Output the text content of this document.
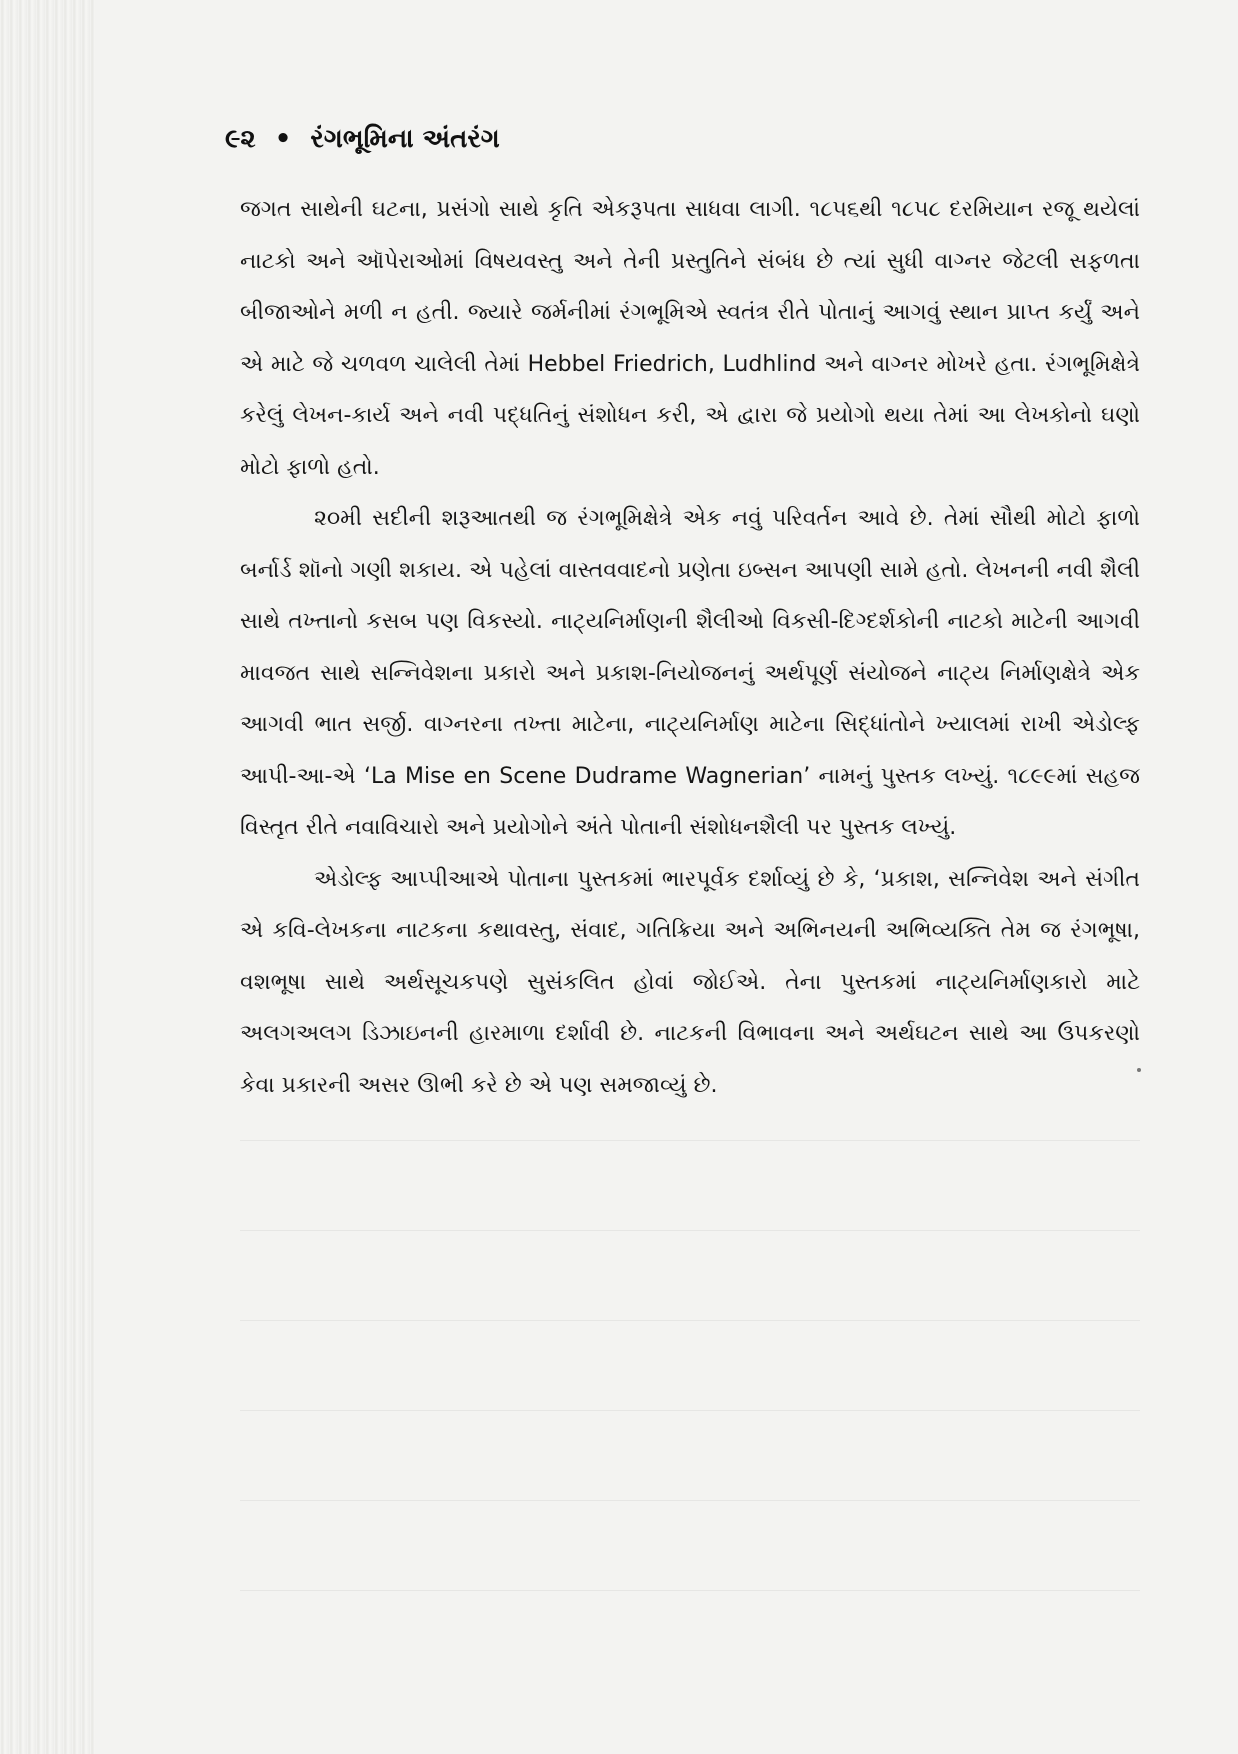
૯૨ • રંગભૂમિના અંતરંગ

જગત સાથેની ઘટના, પ્રસંગો સાથે કૃતિ એકરૂપતા સાધવા લાગી. ૧૮૫૬થી ૧૮૫૮ દરમિયાન રજૂ થયેલાં નાટકો અને ઑપેરાઓમાં વિષયવસ્તુ અને તેની પ્રસ્તુતિને સંબંધ છે ત્યાં સુધી વાગ્નર જેટલી સફળતા બીજાઓને મળી ન હતી. જ્યારે જર્મનીમાં રંગભૂમિએ સ્વતંત્ર રીતે પોતાનું આગવું સ્થાન પ્રાપ્ત કર્યું અને એ માટે જે ચળવળ ચાલેલી તેમાં Hebbel Friedrich, Ludhlind અને વાગ્નર મોખરે હતા. રંગભૂમિક્ષેત્રે કરેલું લેખન-કાર્ય અને નવી પદ્ધતિનું સંશોધન કરી, એ દ્વારા જે પ્રયોગો થયા તેમાં આ લેખકોનો ઘણો મોટો ફાળો હતો.

૨૦મી સદીની શરૂઆતથી જ રંગભૂમિક્ષેત્રે એક નવું પરિવર્તન આવે છે. તેમાં સૌથી મોટો ફાળો બર્નાર્ડ શૉનો ગણી શકાય. એ પહેલાં વાસ્તવવાદનો પ્રણેતા ઇબ્સન આપણી સામે હતો. લેખનની નવી શૈલી સાથે તખ્તાનો કસબ પણ વિકસ્યો. નાટ્યનિર્માણની શૈલીઓ વિકસી-દિગ્દર્શકોની નાટકો માટેની આગવી માવજત સાથે સન્નિવેશના પ્રકારો અને પ્રકાશ-નિયોજનનું અર્થપૂર્ણ સંયોજને નાટ્ય નિર્માણક્ષેત્રે એક આગવી ભાત સર્જી. વાગ્નરના તખ્તા માટેના, નાટ્યનિર્માણ માટેના સિદ્ધાંતોને ખ્યાલમાં રાખી એડોલ્ફ આપી-આ-એ ‘La Mise en Scene Dudrame Wagnerian’ નામનું પુસ્તક લખ્યું. ૧૮૯૯માં સહજ વિસ્તૃત રીતે નવાવિચારો અને પ્રયોગોને અંતે પોતાની સંશોધનશૈલી પર પુસ્તક લખ્યું.

એડોલ્ફ આપ્પીઆએ પોતાના પુસ્તકમાં ભારપૂર્વક દર્શાવ્યું છે કે, ‘પ્રકાશ, સન્નિવેશ અને સંગીત એ કવિ-લેખકના નાટકના કથાવસ્તુ, સંવાદ, ગતિક્રિયા અને અભિનયની અભિવ્યક્તિ તેમ જ રંગભૂષા, વશભૂષા સાથે અર્થસૂચકપણે સુસંકલિત હોવાં જોઈએ. તેના પુસ્તકમાં નાટ્યનિર્માણકારો માટે અલગઅલગ ડિઝાઇનની હારમાળા દર્શાવી છે. નાટકની વિભાવના અને અર્થઘટન સાથે આ ઉપકરણો કેવા પ્રકારની અસર ઊભી કરે છે એ પણ સમજાવ્યું છે.
